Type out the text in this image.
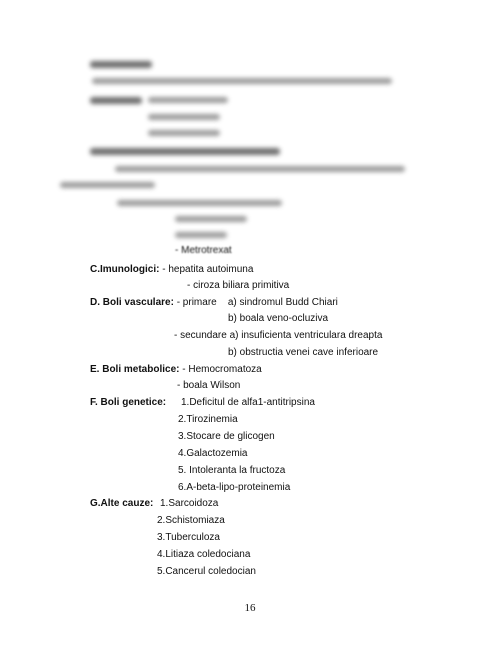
- Metrotrexat
C.Imunologici: - hepatita autoimuna
- ciroza biliara primitiva
D. Boli vasculare: - primare    a) sindromul Budd Chiari
b) boala veno-ocluziva
- secundare a) insuficienta ventriculara dreapta
b) obstructia venei cave inferioare
E. Boli metabolice: - Hemocromatoza
- boala Wilson
F. Boli genetice: 1.Deficitul de alfa1-antitripsina
2.Tirozinemia
3.Stocare de glicogen
4.Galactozemia
5. Intoleranta la fructoza
6.A-beta-lipo-proteinemia
G.Alte cauze: 1.Sarcoidoza
2.Schistomiaza
3.Tuberculoza
4.Litiaza coledociana
5.Cancerul coledocian
16
